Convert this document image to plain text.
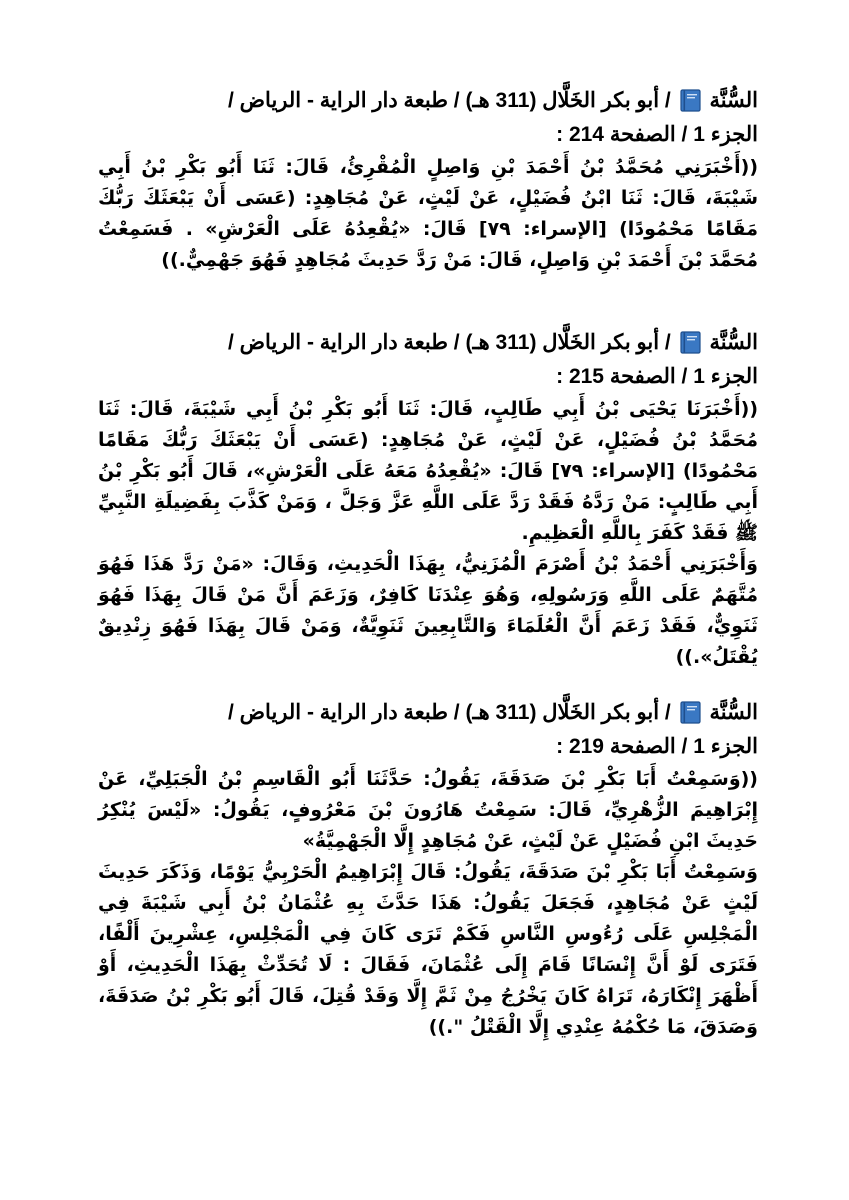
السُّنَّة  / أبو بكر الخَلَّال (311 هـ) / طبعة دار الراية - الرياض /

الجزء 1 / الصفحة 214 :

((أَخْبَرَنِي مُحَمَّدُ بْنُ أَحْمَدَ بْنِ وَاصِلٍ الْمُقْرِئُ، قَالَ: ثَنَا أَبُو بَكْرِ بْنُ أَبِي شَيْبَةَ، قَالَ: ثَنَا ابْنُ فُضَيْلٍ، عَنْ لَيْثٍ، عَنْ مُجَاهِدٍ: (عَسَى أَنْ يَبْعَثَكَ رَبُّكَ مَقَامًا مَحْمُودًا) [الإسراء: ٧٩] قَالَ: «يُقْعِدُهُ عَلَى الْعَرْشِ» . فَسَمِعْتُ مُحَمَّدَ بْنَ أَحْمَدَ بْنِ وَاصِلٍ، قَالَ: مَنْ رَدَّ حَدِيثَ مُجَاهِدٍ فَهُوَ جَهْمِيٌّ.))

السُّنَّة  / أبو بكر الخَلَّال (311 هـ) / طبعة دار الراية - الرياض /

الجزء 1 / الصفحة 215 :

((أَخْبَرَنَا يَحْيَى بْنُ أَبِي طَالِبٍ، قَالَ: ثَنَا أَبُو بَكْرِ بْنُ أَبِي شَيْبَةَ، قَالَ: ثَنَا مُحَمَّدُ بْنُ فُضَيْلٍ، عَنْ لَيْثٍ، عَنْ مُجَاهِدٍ: (عَسَى أَنْ يَبْعَثَكَ رَبُّكَ مَقَامًا مَحْمُودًا) [الإسراء: ٧٩] قَالَ: «يُقْعِدُهُ مَعَهُ عَلَى الْعَرْشِ»، قَالَ أَبُو بَكْرِ بْنُ أَبِي طَالِبٍ: مَنْ رَدَّهُ فَقَدْ رَدَّ عَلَى اللَّهِ عَزَّ وَجَلَّ ، وَمَنْ كَذَّبَ بِفَضِيلَةِ النَّبِيِّ ﷺ فَقَدْ كَفَرَ بِاللَّهِ الْعَظِيمِ.

وَأَخْبَرَنِي أَحْمَدُ بْنُ أَصْرَمَ الْمُزَنِيُّ، بِهَذَا الْحَدِيثِ، وَقَالَ: «مَنْ رَدَّ هَذَا فَهُوَ مُتَّهَمٌ عَلَى اللَّهِ وَرَسُولِهِ، وَهُوَ عِنْدَنَا كَافِرٌ، وَزَعَمَ أَنَّ مَنْ قَالَ بِهَذَا فَهُوَ ثَنَوِيٌّ، فَقَدْ زَعَمَ أَنَّ الْعُلَمَاءَ وَالتَّابِعِينَ ثَنَوِيَّةٌ، وَمَنْ قَالَ بِهَذَا فَهُوَ زِنْدِيقٌ يُقْتَلُ».))

السُّنَّة  / أبو بكر الخَلَّال (311 هـ) / طبعة دار الراية - الرياض /

الجزء 1 / الصفحة 219 :

((وَسَمِعْتُ أَبَا بَكْرِ بْنَ صَدَقَةَ، يَقُولُ: حَدَّثَنَا أَبُو الْقَاسِمِ بْنُ الْجَبَلِيِّ، عَنْ إِبْرَاهِيمَ الزُّهْرِيِّ، قَالَ: سَمِعْتُ هَارُونَ بْنَ مَعْرُوفٍ، يَقُولُ: «لَيْسَ يُنْكِرُ حَدِيثَ ابْنِ فُضَيْلٍ عَنْ لَيْثٍ، عَنْ مُجَاهِدٍ إِلَّا الْجَهْمِيَّةُ»

وَسَمِعْتُ أَبَا بَكْرِ بْنَ صَدَقَةَ، يَقُولُ: قَالَ إِبْرَاهِيمُ الْحَرْبِيُّ يَوْمًا، وَذَكَرَ حَدِيثَ لَيْثٍ عَنْ مُجَاهِدٍ، فَجَعَلَ يَقُولُ: هَذَا حَدَّثَ بِهِ عُثْمَانُ بْنُ أَبِي شَيْبَةَ فِي الْمَجْلِسِ عَلَى رُءُوسِ النَّاسِ فَكَمْ تَرَى كَانَ فِي الْمَجْلِسِ، عِشْرِينَ أَلْفًا، فَتَرَى لَوْ أَنَّ إِنْسَانًا قَامَ إِلَى عُثْمَانَ، فَقَالَ : لَا تُحَدِّثْ بِهَذَا الْحَدِيثِ، أَوْ أَظْهَرَ إِنْكَارَهُ، تَرَاهُ كَانَ يَخْرُجُ مِنْ ثَمَّ إِلَّا وَقَدْ قُتِلَ، قَالَ أَبُو بَكْرِ بْنُ صَدَقَةَ، وَصَدَقَ، مَا حُكْمُهُ عِنْدِي إِلَّا الْقَتْلُ ".))
